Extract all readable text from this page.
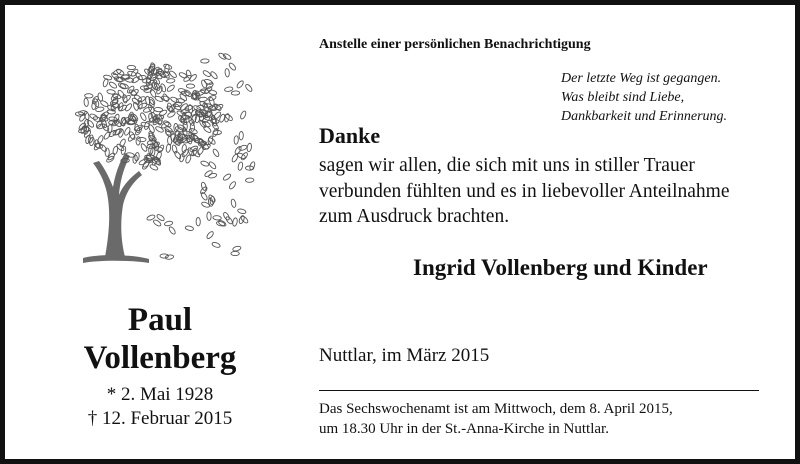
Paul
Vollenberg
* 2. Mai 1928
† 12. Februar 2015
Anstelle einer persönlichen Benachrichtigung
Der letzte Weg ist gegangen.
Was bleibt sind Liebe,
Dankbarkeit und Erinnerung.
Danke
sagen wir allen, die sich mit uns in stiller Trauer
verbunden fühlten und es in liebevoller Anteilnahme
zum Ausdruck brachten.
Ingrid Vollenberg und Kinder
Nuttlar, im März 2015
Das Sechswochenamt ist am Mittwoch, dem 8. April 2015,
um 18.30 Uhr in der St.-Anna-Kirche in Nuttlar.
